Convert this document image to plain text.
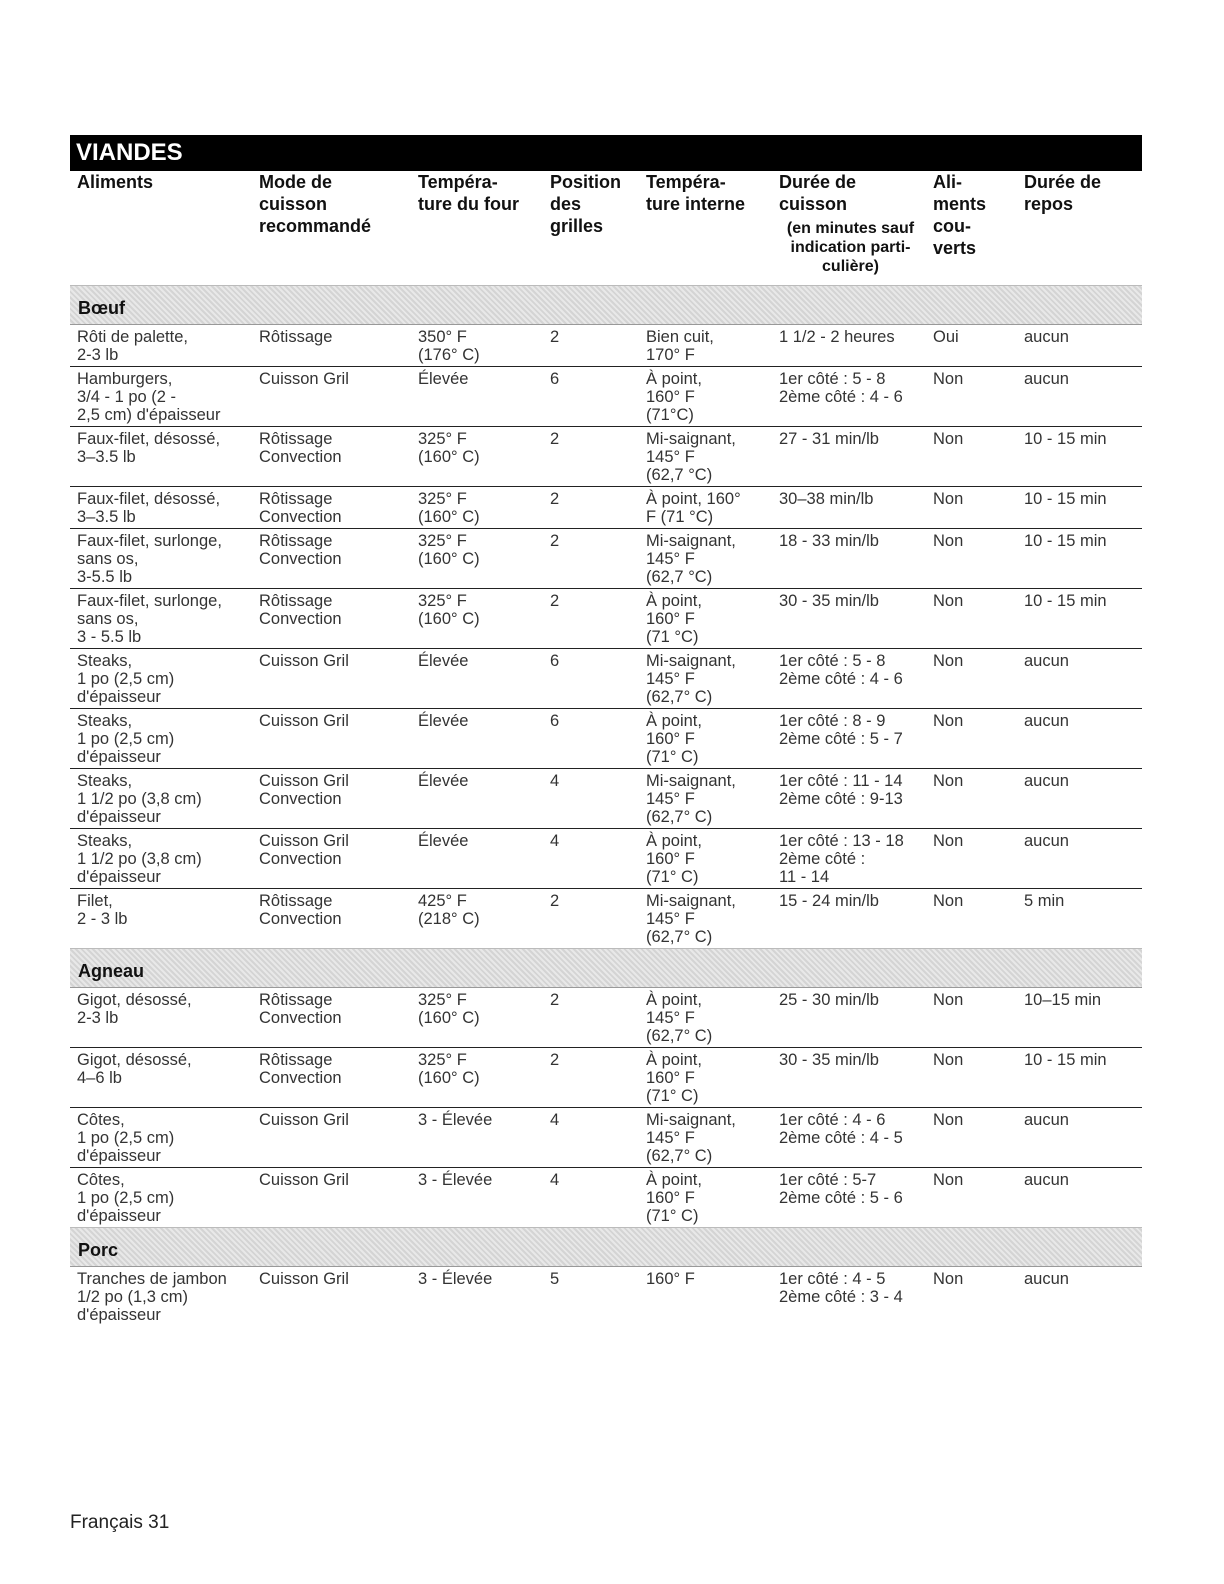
VIANDES
Aliments	Mode de
cuisson
recommandé	Tempéra-
ture du four	Position
des
grilles	Tempéra-
ture interne	Durée de
cuisson
(en minutes sauf
indication parti-
culière)	Ali-
ments
cou-
verts	Durée de
repos

Bœuf							

Rôti de palette,
2-3 lb	Rôtissage	350° F
(176° C)	2	Bien cuit,
170° F	1 1/2 - 2 heures	Oui	aucun

Hamburgers,
3/4 - 1 po (2 -
2,5 cm) d'épaisseur	Cuisson Gril	Élevée	6	À point,
160° F
(71°C)	1er côté : 5 - 8
2ème côté : 4 - 6	Non	aucun

Faux-filet, désossé,
3–3.5 lb	Rôtissage
Convection	325° F
(160° C)	2	Mi-saignant,
145° F
(62,7 °C)	27 - 31 min/lb	Non	10 - 15 min

Faux-filet, désossé,
3–3.5 lb	Rôtissage
Convection	325° F
(160° C)	2	À point, 160°
F (71 °C)	30–38 min/lb	Non	10 - 15 min

Faux-filet, surlonge,
sans os,
3-5.5 lb	Rôtissage
Convection	325° F
(160° C)	2	Mi-saignant,
145° F
(62,7 °C)	18 - 33 min/lb	Non	10 - 15 min

Faux-filet, surlonge,
sans os,
3 - 5.5 lb	Rôtissage
Convection	325° F
(160° C)	2	À point,
160° F
(71 °C)	30 - 35 min/lb	Non	10 - 15 min

Steaks,
1 po (2,5 cm)
d'épaisseur	Cuisson Gril	Élevée	6	Mi-saignant,
145° F
(62,7° C)	1er côté : 5 - 8
2ème côté : 4 - 6	Non	aucun

Steaks,
1 po (2,5 cm)
d'épaisseur	Cuisson Gril	Élevée	6	À point,
160° F
(71° C)	1er côté : 8 - 9
2ème côté : 5 - 7	Non	aucun

Steaks,
1 1/2 po (3,8 cm)
d'épaisseur	Cuisson Gril
Convection	Élevée	4	Mi-saignant,
145° F
(62,7° C)	1er côté : 11 - 14
2ème côté : 9-13	Non	aucun

Steaks,
1 1/2 po (3,8 cm)
d'épaisseur	Cuisson Gril
Convection	Élevée	4	À point,
160° F
(71° C)	1er côté : 13 - 18
2ème côté :
11 - 14	Non	aucun

Filet,
2 - 3 lb	Rôtissage
Convection	425° F
(218° C)	2	Mi-saignant,
145° F
(62,7° C)	15 - 24 min/lb	Non	5 min

Agneau							

Gigot, désossé,
2-3 lb	Rôtissage
Convection	325° F
(160° C)	2	À point,
145° F
(62,7° C)	25 - 30 min/lb	Non	10–15 min

Gigot, désossé,
4–6 lb	Rôtissage
Convection	325° F
(160° C)	2	À point,
160° F
(71° C)	30 - 35 min/lb	Non	10 - 15 min

Côtes,
1 po (2,5 cm)
d'épaisseur	Cuisson Gril	3 - Élevée	4	Mi-saignant,
145° F
(62,7° C)	1er côté : 4 - 6
2ème côté : 4 - 5	Non	aucun

Côtes,
1 po (2,5 cm)
d'épaisseur	Cuisson Gril	3 - Élevée	4	À point,
160° F
(71° C)	1er côté : 5-7
2ème côté : 5 - 6	Non	aucun

Porc							

Tranches de jambon
1/2 po (1,3 cm)
d'épaisseur	Cuisson Gril	3 - Élevée	5	160° F	1er côté : 4 - 5
2ème côté : 3 - 4	Non	aucun
Français 31
